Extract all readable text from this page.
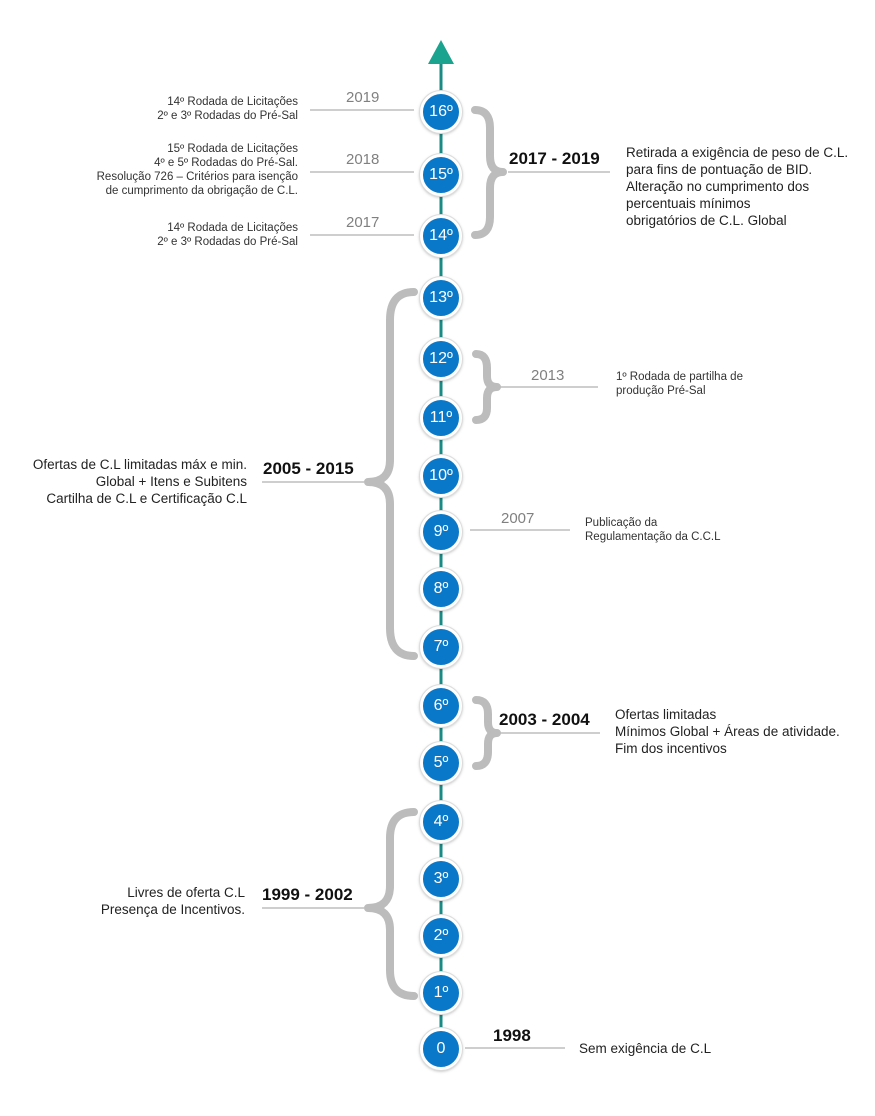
0
1º
2º
3º
4º
5º
6º
7º
8º
9º
10º
11º
12º
13º
14º
15º
16º
2019
2018
2017
2013
2007
14º Rodada de Licitações
2º e 3º Rodadas do Pré-Sal
15º Rodada de Licitações
4º e 5º Rodadas do Pré-Sal.
Resolução 726 – Critérios para isenção
de cumprimento da obrigação de C.L.
14º Rodada de Licitações
2º e 3º Rodadas do Pré-Sal
1º Rodada de partilha de
produção Pré-Sal
Publicação da
Regulamentação da C.C.L
2017 - 2019
2005 - 2015
2003 - 2004
1999 - 2002
1998
Retirada a exigência de peso de C.L.
para fins de pontuação de BID.
Alteração no cumprimento dos
percentuais mínimos
obrigatórios de C.L. Global
Ofertas de C.L limitadas máx e min.
Global + Itens e Subitens
Cartilha de C.L e Certificação C.L
Ofertas limitadas
Mínimos Global + Áreas de atividade.
Fim dos incentivos
Livres de oferta C.L
Presença de Incentivos.
Sem exigência de C.L
